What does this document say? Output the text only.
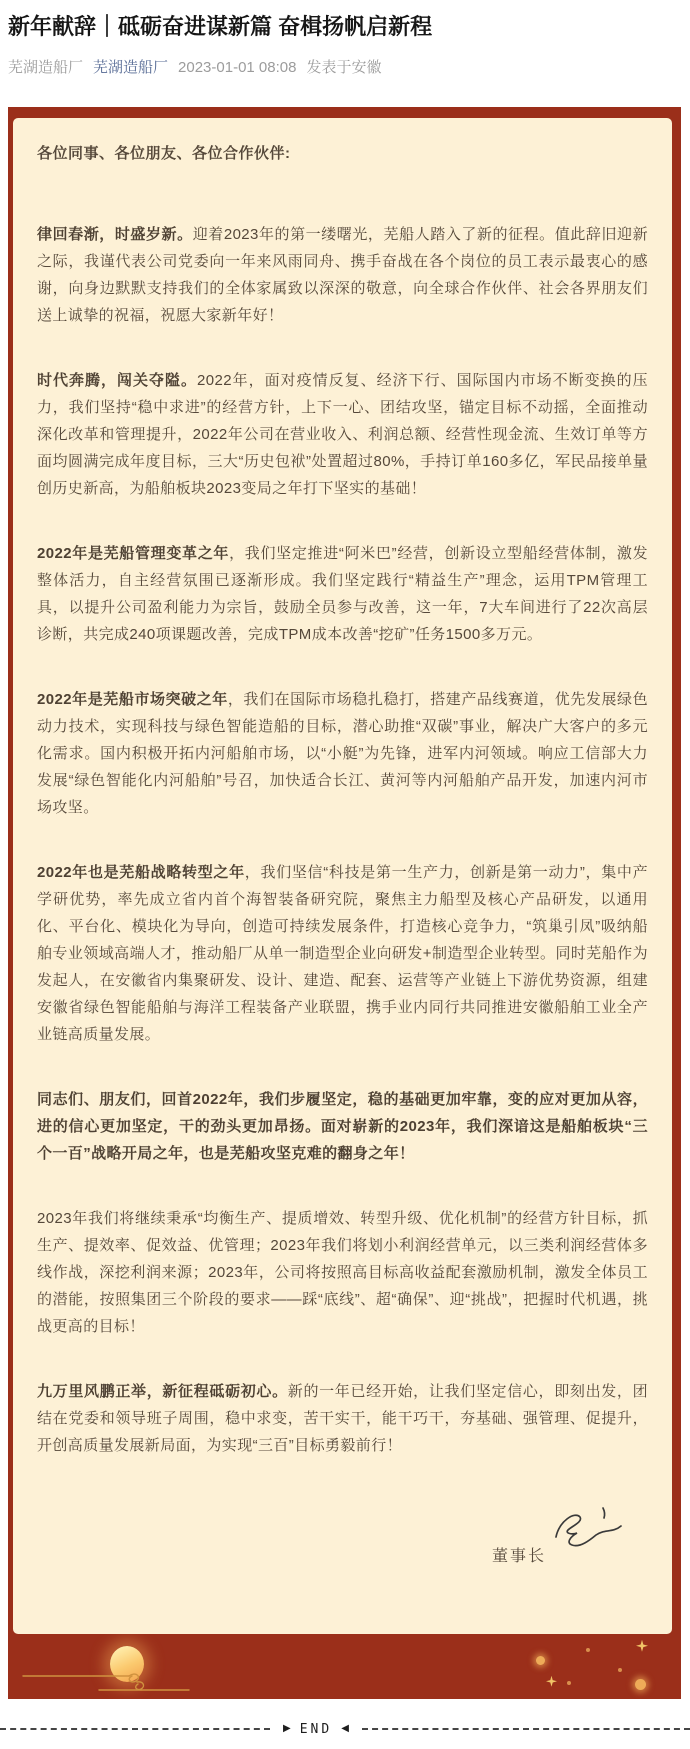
新年献辞｜砥砺奋进谋新篇 奋楫扬帆启新程
芜湖造船厂 芜湖造船厂 2023-01-01 08:08 发表于安徽
各位同事、各位朋友、各位合作伙伴:

律回春渐，时盛岁新。迎着2023年的第一缕曙光，芜船人踏入了新的征程。值此辞旧迎新之际，我谨代表公司党委向一年来风雨同舟、携手奋战在各个岗位的员工表示最衷心的感谢，向身边默默支持我们的全体家属致以深深的敬意，向全球合作伙伴、社会各界朋友们送上诚挚的祝福，祝愿大家新年好！

时代奔腾，闯关夺隘。2022年，面对疫情反复、经济下行、国际国内市场不断变换的压力，我们坚持“稳中求进”的经营方针，上下一心、团结攻坚，锚定目标不动摇，全面推动深化改革和管理提升，2022年公司在营业收入、利润总额、经营性现金流、生效订单等方面均圆满完成年度目标，三大“历史包袱”处置超过80%，手持订单160多亿，军民品接单量创历史新高，为船舶板块2023变局之年打下坚实的基础！

2022年是芜船管理变革之年，我们坚定推进“阿米巴”经营，创新设立型船经营体制，激发整体活力，自主经营氛围已逐渐形成。我们坚定践行“精益生产”理念，运用TPM管理工具，以提升公司盈利能力为宗旨，鼓励全员参与改善，这一年，7大车间进行了22次高层诊断，共完成240项课题改善，完成TPM成本改善“挖矿”任务1500多万元。

2022年是芜船市场突破之年，我们在国际市场稳扎稳打，搭建产品线赛道，优先发展绿色动力技术，实现科技与绿色智能造船的目标，潜心助推“双碳”事业，解决广大客户的多元化需求。国内积极开拓内河船舶市场，以“小艇”为先锋，进军内河领域。响应工信部大力发展“绿色智能化内河船舶”号召，加快适合长江、黄河等内河船舶产品开发，加速内河市场攻坚。

2022年也是芜船战略转型之年，我们坚信“科技是第一生产力，创新是第一动力”，集中产学研优势，率先成立省内首个海智装备研究院，聚焦主力船型及核心产品研发，以通用化、平台化、模块化为导向，创造可持续发展条件，打造核心竞争力，“筑巢引凤”吸纳船舶专业领域高端人才，推动船厂从单一制造型企业向研发+制造型企业转型。同时芜船作为发起人，在安徽省内集聚研发、设计、建造、配套、运营等产业链上下游优势资源，组建安徽省绿色智能船舶与海洋工程装备产业联盟，携手业内同行共同推进安徽船舶工业全产业链高质量发展。

同志们、朋友们，回首2022年，我们步履坚定，稳的基础更加牢靠，变的应对更加从容，进的信心更加坚定，干的劲头更加昂扬。面对崭新的2023年，我们深谙这是船舶板块“三个一百”战略开局之年，也是芜船攻坚克难的翻身之年！

2023年我们将继续秉承“均衡生产、提质增效、转型升级、优化机制”的经营方针目标，抓生产、提效率、促效益、优管理；2023年我们将划小利润经营单元，以三类利润经营体多线作战，深挖利润来源；2023年，公司将按照高目标高收益配套激励机制，激发全体员工的潜能，按照集团三个阶段的要求——踩“底线”、超“确保”、迎“挑战”，把握时代机遇，挑战更高的目标！

九万里风鹏正举，新征程砥砺初心。新的一年已经开始，让我们坚定信心，即刻出发，团结在党委和领导班子周围，稳中求变，苦干实干，能干巧干，夯基础、强管理、促提升，开创高质量发展新局面，为实现“三百”目标勇毅前行！

董事长
▶ END ◀
